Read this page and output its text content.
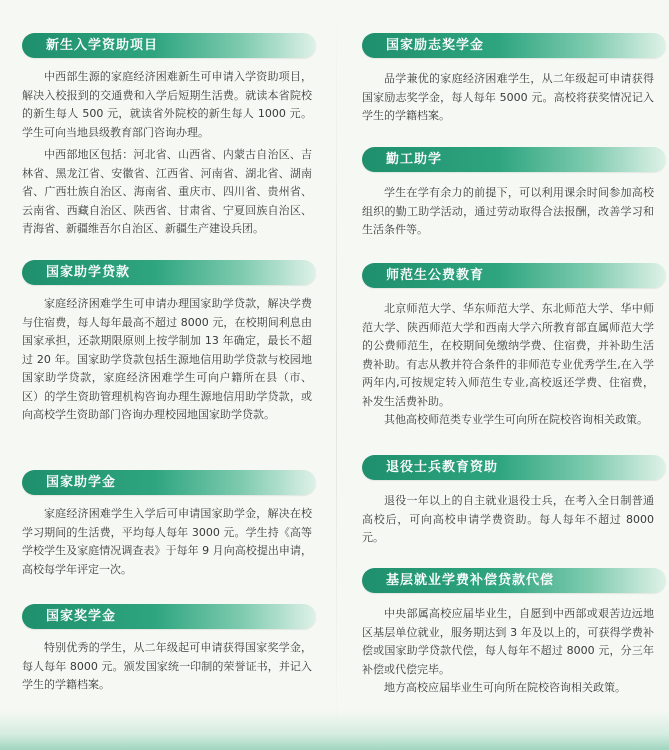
新生入学资助项目

中西部生源的家庭经济困难新生可申请入学资助项目，解决入校报到的交通费和入学后短期生活费。就读本省院校的新生每人 500 元，就读省外院校的新生每人 1000 元。学生可向当地县级教育部门咨询办理。

中西部地区包括：河北省、山西省、内蒙古自治区、吉林省、黑龙江省、安徽省、江西省、河南省、湖北省、湖南省、广西壮族自治区、海南省、重庆市、四川省、贵州省、云南省、西藏自治区、陕西省、甘肃省、宁夏回族自治区、青海省、新疆维吾尔自治区、新疆生产建设兵团。

国家助学贷款

家庭经济困难学生可申请办理国家助学贷款，解决学费与住宿费，每人每年最高不超过 8000 元，在校期间利息由国家承担，还款期限原则上按学制加 13 年确定，最长不超过 20 年。国家助学贷款包括生源地信用助学贷款与校园地国家助学贷款，家庭经济困难学生可向户籍所在县（市、区）的学生资助管理机构咨询办理生源地信用助学贷款，或向高校学生资助部门咨询办理校园地国家助学贷款。

国家助学金

家庭经济困难学生入学后可申请国家助学金，解决在校学习期间的生活费，平均每人每年 3000 元。学生持《高等学校学生及家庭情况调查表》于每年 9 月向高校提出申请，高校每学年评定一次。

国家奖学金

特别优秀的学生，从二年级起可申请获得国家奖学金，每人每年 8000 元。颁发国家统一印制的荣誉证书，并记入学生的学籍档案。

国家励志奖学金

品学兼优的家庭经济困难学生，从二年级起可申请获得国家励志奖学金，每人每年 5000 元。高校将获奖情况记入学生的学籍档案。

勤工助学

学生在学有余力的前提下，可以利用课余时间参加高校组织的勤工助学活动，通过劳动取得合法报酬，改善学习和生活条件等。

师范生公费教育

北京师范大学、华东师范大学、东北师范大学、华中师范大学、陕西师范大学和西南大学六所教育部直属师范大学的公费师范生，在校期间免缴纳学费、住宿费，并补助生活费补助。有志从教并符合条件的非师范专业优秀学生,在入学两年内,可按规定转入师范生专业,高校返还学费、住宿费，补发生活费补助。

其他高校师范类专业学生可向所在院校咨询相关政策。

退役士兵教育资助

退役一年以上的自主就业退役士兵，在考入全日制普通高校后，可向高校申请学费资助。每人每年不超过 8000 元。

基层就业学费补偿贷款代偿

中央部属高校应届毕业生，自愿到中西部或艰苦边远地区基层单位就业，服务期达到 3 年及以上的，可获得学费补偿或国家助学贷款代偿，每人每年不超过 8000 元，分三年补偿或代偿完毕。

地方高校应届毕业生可向所在院校咨询相关政策。
